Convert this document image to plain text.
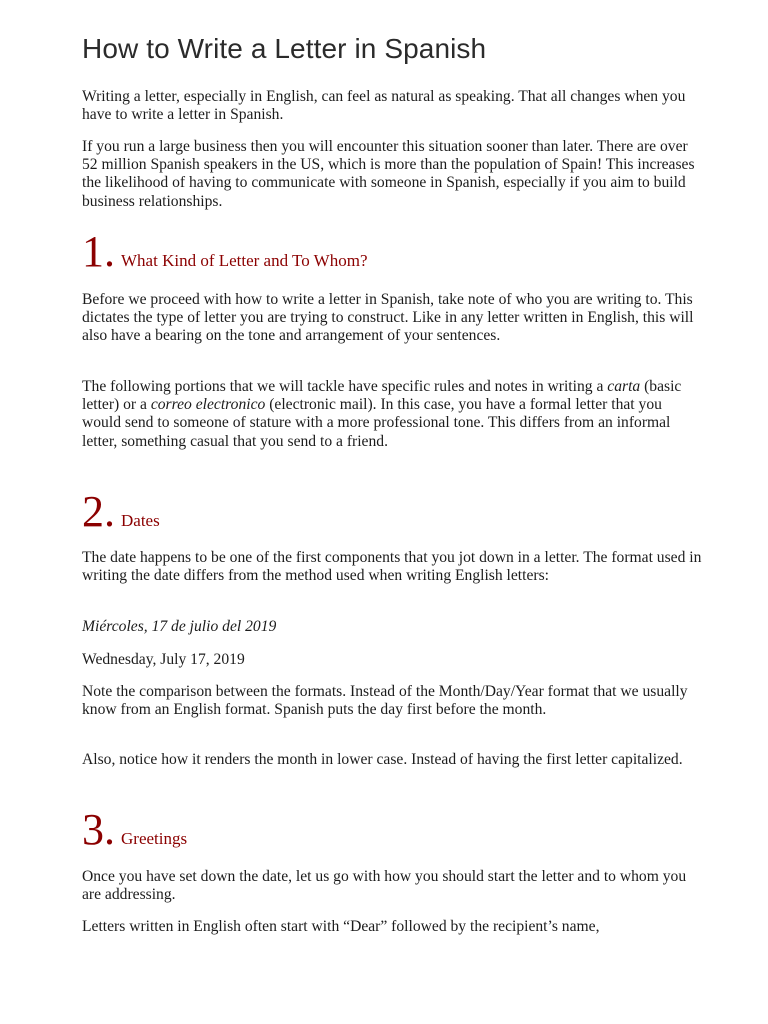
How to Write a Letter in Spanish

Writing a letter, especially in English, can feel as natural as speaking. That all changes when you have to write a letter in Spanish.

If you run a large business then you will encounter this situation sooner than later. There are over 52 million Spanish speakers in the US, which is more than the population of Spain! This increases the likelihood of having to communicate with someone in Spanish, especially if you aim to build business relationships.

1. What Kind of Letter and To Whom?

Before we proceed with how to write a letter in Spanish, take note of who you are writing to. This dictates the type of letter you are trying to construct. Like in any letter written in English, this will also have a bearing on the tone and arrangement of your sentences.

The following portions that we will tackle have specific rules and notes in writing a carta (basic letter) or a correo electronico (electronic mail). In this case, you have a formal letter that you would send to someone of stature with a more professional tone. This differs from an informal letter, something casual that you send to a friend.

2. Dates

The date happens to be one of the first components that you jot down in a letter. The format used in writing the date differs from the method used when writing English letters:

Miércoles, 17 de julio del 2019

Wednesday, July 17, 2019

Note the comparison between the formats. Instead of the Month/Day/Year format that we usually know from an English format. Spanish puts the day first before the month.

Also, notice how it renders the month in lower case. Instead of having the first letter capitalized.

3. Greetings

Once you have set down the date, let us go with how you should start the letter and to whom you are addressing.

Letters written in English often start with “Dear” followed by the recipient’s name,
